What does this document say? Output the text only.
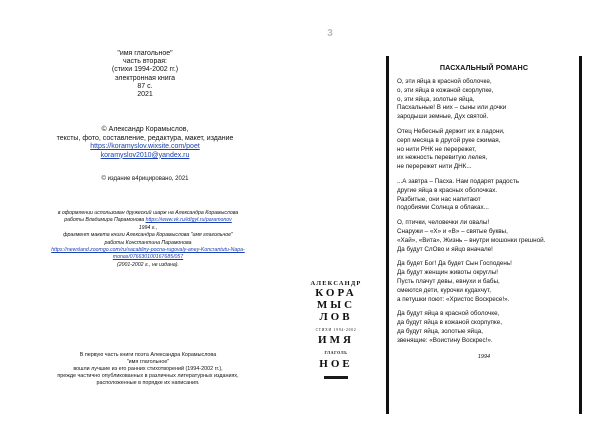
"имя глагольное"
часть вторая:
(стихи 1994-2002 гг.)
электронная книга
87 с.
2021
© Александр Корамыслов,
тексты, фото, составление, редактура, макет, издание
https://koramyslov.wixsite.com/poet
koramyslov2010@yandex.ru
© издание в4рицировано, 2021
в оформлении использован дружеский шарж на Александра Корамыслова
работы Владимира Парамонова https://www.vk.ru/id/gyl.ru/paramonov
1994 г.,
фрагмент макета книги Александра Корамыслова "имя глагольное"
работы Константина Парамонова
https://newsland.zoomgo.com/ru/sacabliny-pocna-rugovaly-aney-Koncrantutu-Napa-monas/076630100167685/057
(2001-2002 г., не издана).
В первую часть книги поэта Александра Корамыслова
"имя глагольное"
вошли лучшие из его ранних стихотворений (1994-2002 гг.),
прежде частично опубликованных в различных литературных изданиях,
расположенные в порядке их написания.
3
АЛЕКСАНДР
КОРА
МЫС
ЛОВ
СТИХИ 1994-2002
ИМЯ
ГЛАГОЛЬ
НОЕ
ПАСХАЛЬНЫЙ РОМАНС
О, эти яйца в красной оболочке,
о, эти яйца в кожаной скорлупке,
о, эти яйца, золотые яйца,
Пасхальные! В них – сыны или дочки
зародыши земные, Дух святой.
Отец Небесный держит их в ладони,
серп месяца в другой руке сжимая,
но нити РНК не перережет,
их нежность перевитую лелея,
не перережет нити ДНК...
...А завтра – Пасха. Нам подарят радость
другие яйца в красных оболочках.
Разбитые, они нас напитают
подобиями Солнца в облаках...
О, птички, человечки ли овалы!
Снаружи – «Х» и «В» – святые буквы,
«Хай», «Вита», Жизнь – внутри мошонки грешной.
Да будут СлОво и яйцо вначале!
Да будет Бог! Да будет Сын Господень!
Да будут женщин животы округлы!
Пусть плачут девы, евнухи и бабы,
смеются дети, курочки кудахчут,
а петушки поют: «Христос Воскресе!».
Да будут яйца в красной оболочке,
да будут яйца в кожаной скорлупке,
да будут яйца, золотые яйца,
звенящие: «Воистину Воскрес!».
1994
